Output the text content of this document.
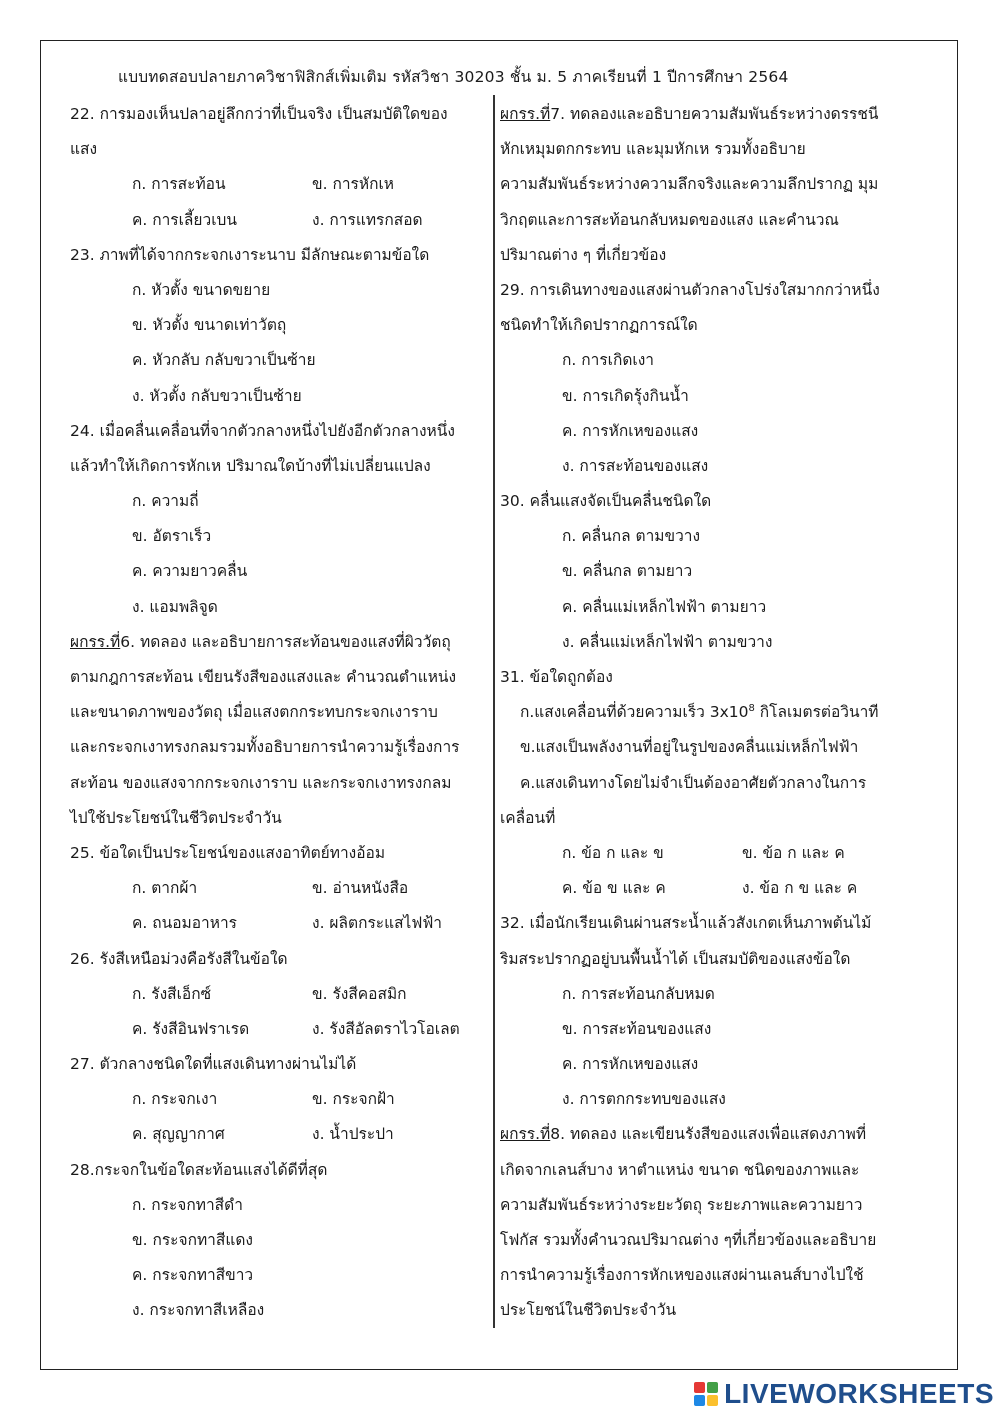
แบบทดสอบปลายภาควิชาฟิสิกส์เพิ่มเติม รหัสวิชา 30203 ชั้น ม. 5 ภาคเรียนที่ 1 ปีการศึกษา 2564
22. การมองเห็นปลาอยู่ลึกกว่าที่เป็นจริง เป็นสมบัติใดของ
แสง
ก. การสะท้อน	ข. การหักเห
ค. การเลี้ยวเบน	ง. การแทรกสอด
23. ภาพที่ได้จากกระจกเงาระนาบ มีลักษณะตามข้อใด
ก. หัวตั้ง ขนาดขยาย
ข. หัวตั้ง ขนาดเท่าวัตถุ
ค. หัวกลับ กลับขวาเป็นซ้าย
ง. หัวตั้ง กลับขวาเป็นซ้าย
24. เมื่อคลื่นเคลื่อนที่จากตัวกลางหนึ่งไปยังอีกตัวกลางหนึ่ง
แล้วทำให้เกิดการหักเห ปริมาณใดบ้างที่ไม่เปลี่ยนแปลง
ก. ความถี่
ข. อัตราเร็ว
ค. ความยาวคลื่น
ง. แอมพลิจูด
ผกรร.ที่6. ทดลอง และอธิบายการสะท้อนของแสงที่ผิววัตถุ
ตามกฎการสะท้อน เขียนรังสีของแสงและ คำนวณตำแหน่ง
และขนาดภาพของวัตถุ เมื่อแสงตกกระทบกระจกเงาราบ
และกระจกเงาทรงกลมรวมทั้งอธิบายการนำความรู้เรื่องการ
สะท้อน ของแสงจากกระจกเงาราบ และกระจกเงาทรงกลม
ไปใช้ประโยชน์ในชีวิตประจำวัน
25. ข้อใดเป็นประโยชน์ของแสงอาทิตย์ทางอ้อม
ก. ตากผ้า	ข. อ่านหนังสือ
ค. ถนอมอาหาร	ง. ผลิตกระแสไฟฟ้า
26. รังสีเหนือม่วงคือรังสีในข้อใด
ก. รังสีเอ็กซ์	ข. รังสีคอสมิก
ค. รังสีอินฟราเรด	ง. รังสีอัลตราไวโอเลต
27. ตัวกลางชนิดใดที่แสงเดินทางผ่านไม่ได้
ก. กระจกเงา	ข. กระจกฝ้า
ค. สุญญากาศ	ง. น้ำประปา
28.กระจกในข้อใดสะท้อนแสงได้ดีที่สุด
ก. กระจกทาสีดำ
ข. กระจกทาสีแดง
ค. กระจกทาสีขาว
ง. กระจกทาสีเหลือง
ผกรร.ที่7. ทดลองและอธิบายความสัมพันธ์ระหว่างดรรชนี
หักเหมุมตกกระทบ และมุมหักเห รวมทั้งอธิบาย
ความสัมพันธ์ระหว่างความลึกจริงและความลึกปรากฏ มุม
วิกฤตและการสะท้อนกลับหมดของแสง และคำนวณ
ปริมาณต่าง ๆ ที่เกี่ยวข้อง
29. การเดินทางของแสงผ่านตัวกลางโปร่งใสมากกว่าหนึ่ง
ชนิดทำให้เกิดปรากฏการณ์ใด
ก. การเกิดเงา
ข. การเกิดรุ้งกินน้ำ
ค. การหักเหของแสง
ง. การสะท้อนของแสง
30. คลื่นแสงจัดเป็นคลื่นชนิดใด
ก. คลื่นกล ตามขวาง
ข. คลื่นกล ตามยาว
ค. คลื่นแม่เหล็กไฟฟ้า ตามยาว
ง. คลื่นแม่เหล็กไฟฟ้า ตามขวาง
31. ข้อใดถูกต้อง
ก.แสงเคลื่อนที่ด้วยความเร็ว $3x10^8$ กิโลเมตรต่อวินาที
ข.แสงเป็นพลังงานที่อยู่ในรูปของคลื่นแม่เหล็กไฟฟ้า
ค.แสงเดินทางโดยไม่จำเป็นต้องอาศัยตัวกลางในการ
เคลื่อนที่
ก. ข้อ ก และ ข	ข. ข้อ ก และ ค
ค. ข้อ ข และ ค	ง. ข้อ ก ข และ ค
32. เมื่อนักเรียนเดินผ่านสระน้ำแล้วสังเกตเห็นภาพต้นไม้
ริมสระปรากฏอยู่บนพื้นน้ำได้ เป็นสมบัติของแสงข้อใด
ก. การสะท้อนกลับหมด
ข. การสะท้อนของแสง
ค. การหักเหของแสง
ง. การตกกระทบของแสง
ผกรร.ที่8. ทดลอง และเขียนรังสีของแสงเพื่อแสดงภาพที่
เกิดจากเลนส์บาง หาตำแหน่ง ขนาด ชนิดของภาพและ
ความสัมพันธ์ระหว่างระยะวัตถุ ระยะภาพและความยาว
โฟกัส รวมทั้งคำนวณปริมาณต่าง ๆที่เกี่ยวข้องและอธิบาย
การนำความรู้เรื่องการหักเหของแสงผ่านเลนส์บางไปใช้
ประโยชน์ในชีวิตประจำวัน
LIVEWORKSHEETS
